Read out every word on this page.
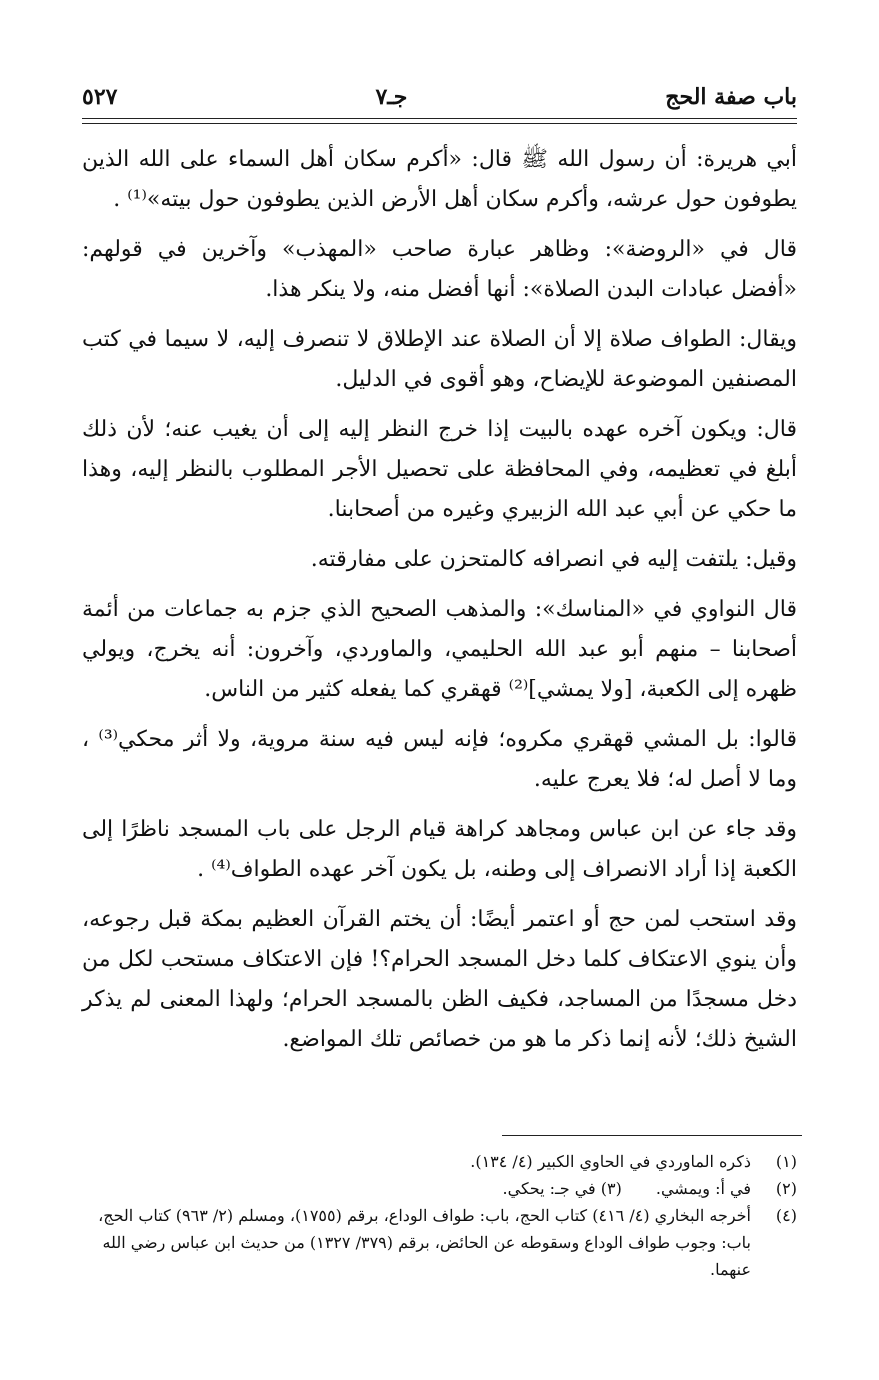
٥٢٧	جـ٧	باب صفة الحج

أبي هريرة: أن رسول الله ﷺ قال: «أكرم سكان أهل السماء على الله الذين يطوفون حول عرشه، وأكرم سكان أهل الأرض الذين يطوفون حول بيته»⁽¹⁾ .

قال في «الروضة»: وظاهر عبارة صاحب «المهذب» وآخرين في قولهم: «أفضل عبادات البدن الصلاة»: أنها أفضل منه، ولا ينكر هذا.

ويقال: الطواف صلاة إلا أن الصلاة عند الإطلاق لا تنصرف إليه، لا سيما في كتب المصنفين الموضوعة للإيضاح، وهو أقوى في الدليل.

قال: ويكون آخره عهده بالبيت إذا خرج النظر إليه إلى أن يغيب عنه؛ لأن ذلك أبلغ في تعظيمه، وفي المحافظة على تحصيل الأجر المطلوب بالنظر إليه، وهذا ما حكي عن أبي عبد الله الزبيري وغيره من أصحابنا.

وقيل: يلتفت إليه في انصرافه كالمتحزن على مفارقته.

قال النواوي في «المناسك»: والمذهب الصحيح الذي جزم به جماعات من أئمة أصحابنا – منهم أبو عبد الله الحليمي، والماوردي، وآخرون: أنه يخرج، ويولي ظهره إلى الكعبة، [ولا يمشي]⁽²⁾ قهقري كما يفعله كثير من الناس.

قالوا: بل المشي قهقري مكروه؛ فإنه ليس فيه سنة مروية، ولا أثر محكي⁽³⁾ ، وما لا أصل له؛ فلا يعرج عليه.

وقد جاء عن ابن عباس ومجاهد كراهة قيام الرجل على باب المسجد ناظرًا إلى الكعبة إذا أراد الانصراف إلى وطنه، بل يكون آخر عهده الطواف⁽⁴⁾ .

وقد استحب لمن حج أو اعتمر أيضًا: أن يختم القرآن العظيم بمكة قبل رجوعه، وأن ينوي الاعتكاف كلما دخل المسجد الحرام؟! فإن الاعتكاف مستحب لكل من دخل مسجدًا من المساجد، فكيف الظن بالمسجد الحرام؛ ولهذا المعنى لم يذكر الشيخ ذلك؛ لأنه إنما ذكر ما هو من خصائص تلك المواضع.

(١)ذكره الماوردي في الحاوي الكبير (٤/ ١٣٤).

(٢)في أ: ويمشي.
(٣) في جـ: يحكي.

(٤)أخرجه البخاري (٤/ ٤١٦) كتاب الحج، باب: طواف الوداع، برقم (١٧٥٥)، ومسلم (٢/ ٩٦٣) كتاب الحج، باب: وجوب طواف الوداع وسقوطه عن الحائض، برقم (٣٧٩/ ١٣٢٧) من حديث ابن عباس رضي الله عنهما.
